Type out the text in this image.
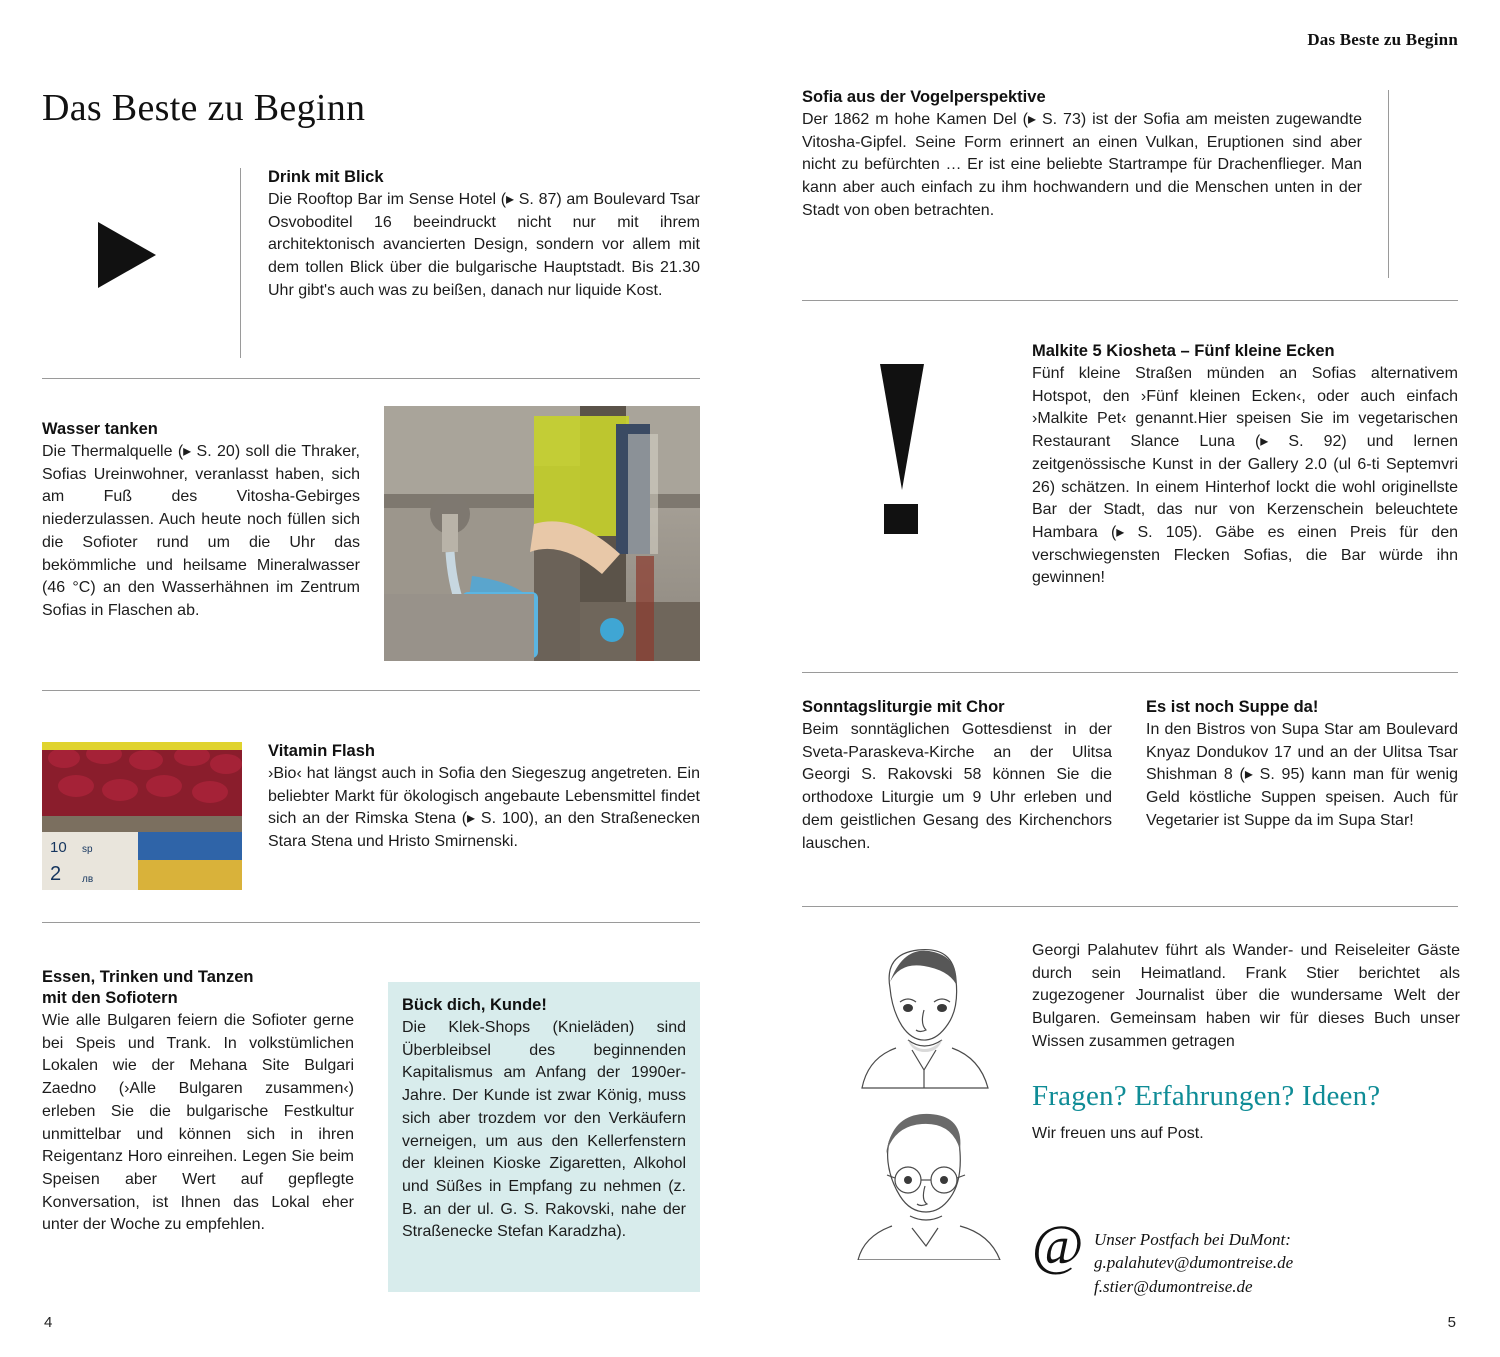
Das Beste zu Beginn
Das Beste zu Beginn
Drink mit Blick
Die Rooftop Bar im Sense Hotel (▸ S. 87) am Boulevard Tsar Osvoboditel 16 beeindruckt nicht nur mit ihrem architektonisch avancierten Design, sondern vor allem mit dem tollen Blick über die bulgarische Hauptstadt. Bis 21.30 Uhr gibt's auch was zu beißen, danach nur liquide Kost.
Wasser tanken
Die Thermalquelle (▸ S. 20) soll die Thraker, Sofias Ureinwohner, veranlasst haben, sich am Fuß des Vitosha-Gebirges niederzulassen. Auch heute noch füllen sich die Sofioter rund um die Uhr das bekömmliche und heilsame Mineralwasser (46 °C) an den Wasserhähnen im Zentrum Sofias in Flaschen ab.
10 sp
2 лв
Vitamin Flash
›Bio‹ hat längst auch in Sofia den Siegeszug angetreten. Ein beliebter Markt für ökologisch angebaute Lebensmittel findet sich an der Rimska Stena (▸ S. 100), an den Straßenecken Stara Stena und Hristo Smirnenski.
Essen, Trinken und Tanzen
mit den Sofiotern
Wie alle Bulgaren feiern die Sofioter gerne bei Speis und Trank. In volkstümlichen Lokalen wie der Mehana Site Bulgari Zaedno (›Alle Bulgaren zusammen‹) erleben Sie die bulgarische Festkultur unmittelbar und können sich in ihren Reigentanz Horo einreihen. Legen Sie beim Speisen aber Wert auf gepflegte Konversation, ist Ihnen das Lokal eher unter der Woche zu empfehlen.
Bück dich, Kunde!
Die Klek-Shops (Knieläden) sind Überbleibsel des beginnenden Kapitalismus am Anfang der 1990er-Jahre. Der Kunde ist zwar König, muss sich aber trozdem vor den Verkäufern verneigen, um aus den Kellerfenstern der kleinen Kioske Zigaretten, Alkohol und Süßes in Empfang zu nehmen (z. B. an der ul. G. S. Rakovski, nahe der Straßenecke Stefan Karadzha).
4
Sofia aus der Vogelperspektive
Der 1862 m hohe Kamen Del (▸ S. 73) ist der Sofia am meisten zugewandte Vitosha-Gipfel. Seine Form erinnert an einen Vulkan, Eruptionen sind aber nicht zu befürchten … Er ist eine beliebte Startrampe für Drachenflieger. Man kann aber auch einfach zu ihm hochwandern und die Menschen unten in der Stadt von oben betrachten.
Malkite 5 Kiosheta – Fünf kleine Ecken
Fünf kleine Straßen münden an Sofias alternativem Hotspot, den ›Fünf kleinen Ecken‹, oder auch einfach ›Malkite Pet‹ genannt.Hier speisen Sie im vegetarischen Restaurant Slance Luna (▸ S. 92) und lernen zeitgenössische Kunst in der Gallery 2.0 (ul 6-ti Septemvri 26) schätzen. In einem Hinterhof lockt die wohl originellste Bar der Stadt, das nur von Kerzenschein beleuchtete Hambara (▸ S. 105). Gäbe es einen Preis für den verschwiegensten Flecken Sofias, die Bar würde ihn gewinnen!
Sonntagsliturgie mit Chor
Beim sonntäglichen Gottesdienst in der Sveta-Paraskeva-Kirche an der Ulitsa Georgi S. Rakovski 58 können Sie die orthodoxe Liturgie um 9 Uhr erleben und dem geistlichen Gesang des Kirchenchors lauschen.
Es ist noch Suppe da!
In den Bistros von Supa Star am Boulevard Knyaz Dondukov 17 und an der Ulitsa Tsar Shishman 8 (▸ S. 95) kann man für wenig Geld köstliche Suppen speisen. Auch für Vegetarier ist Suppe da im Supa Star!
Georgi Palahutev führt als Wander- und Reiseleiter Gäste durch sein Heimatland. Frank Stier berichtet als zugezogener Journalist über die wundersame Welt der Bulgaren. Gemeinsam haben wir für dieses Buch unser Wissen zusammen getragen
Fragen? Erfahrungen? Ideen?
Wir freuen uns auf Post.
@ Unser Postfach bei DuMont:
g.palahutev@dumontreise.de
f.stier@dumontreise.de
5
